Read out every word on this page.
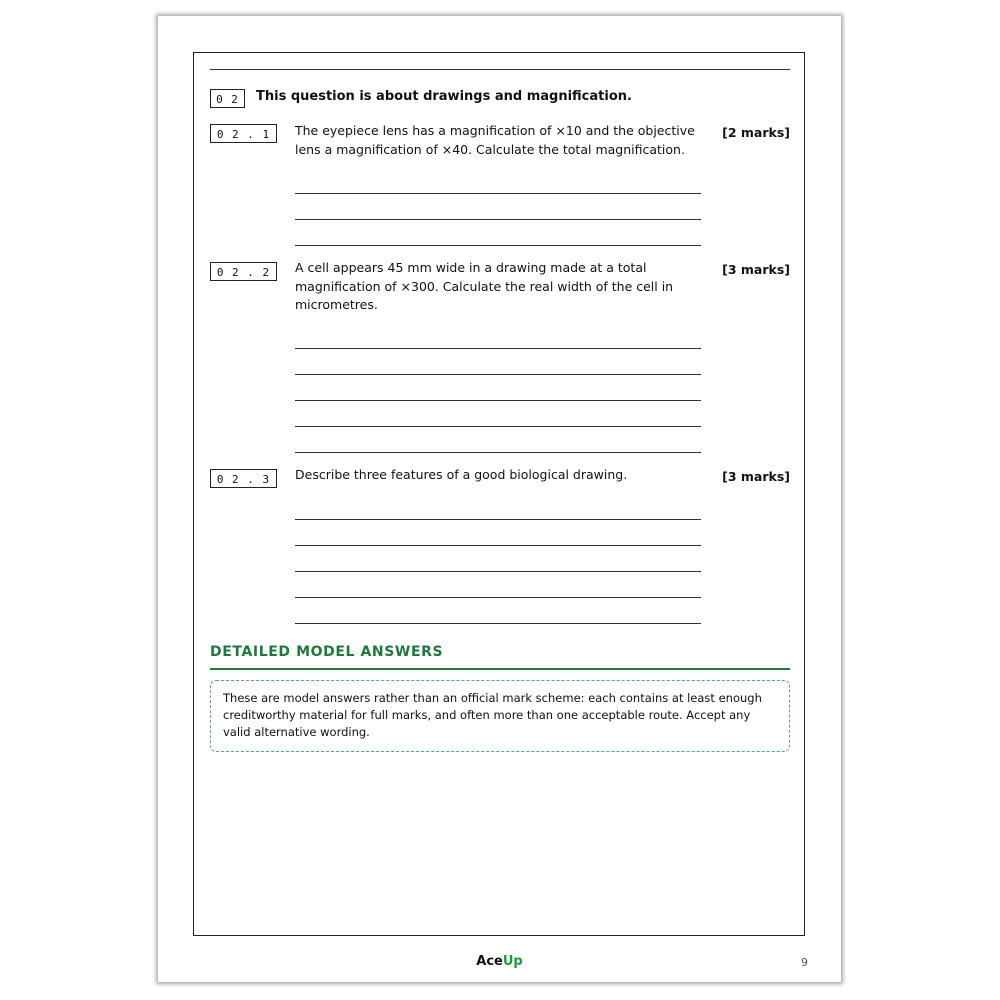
0 2	This question is about drawings and magnification.
0 2 . 1	The eyepiece lens has a magnification of ×10 and the objective lens a magnification of ×40. Calculate the total magnification.
[2 marks]
0 2 . 2	A cell appears 45 mm wide in a drawing made at a total magnification of ×300. Calculate the real width of the cell in micrometres.
[3 marks]
0 2 . 3	Describe three features of a good biological drawing.	[3 marks]
DETAILED MODEL ANSWERS
These are model answers rather than an official mark scheme: each contains at least enough creditworthy material for full marks, and often more than one acceptable route. Accept any valid alternative wording.
AceUp	9
